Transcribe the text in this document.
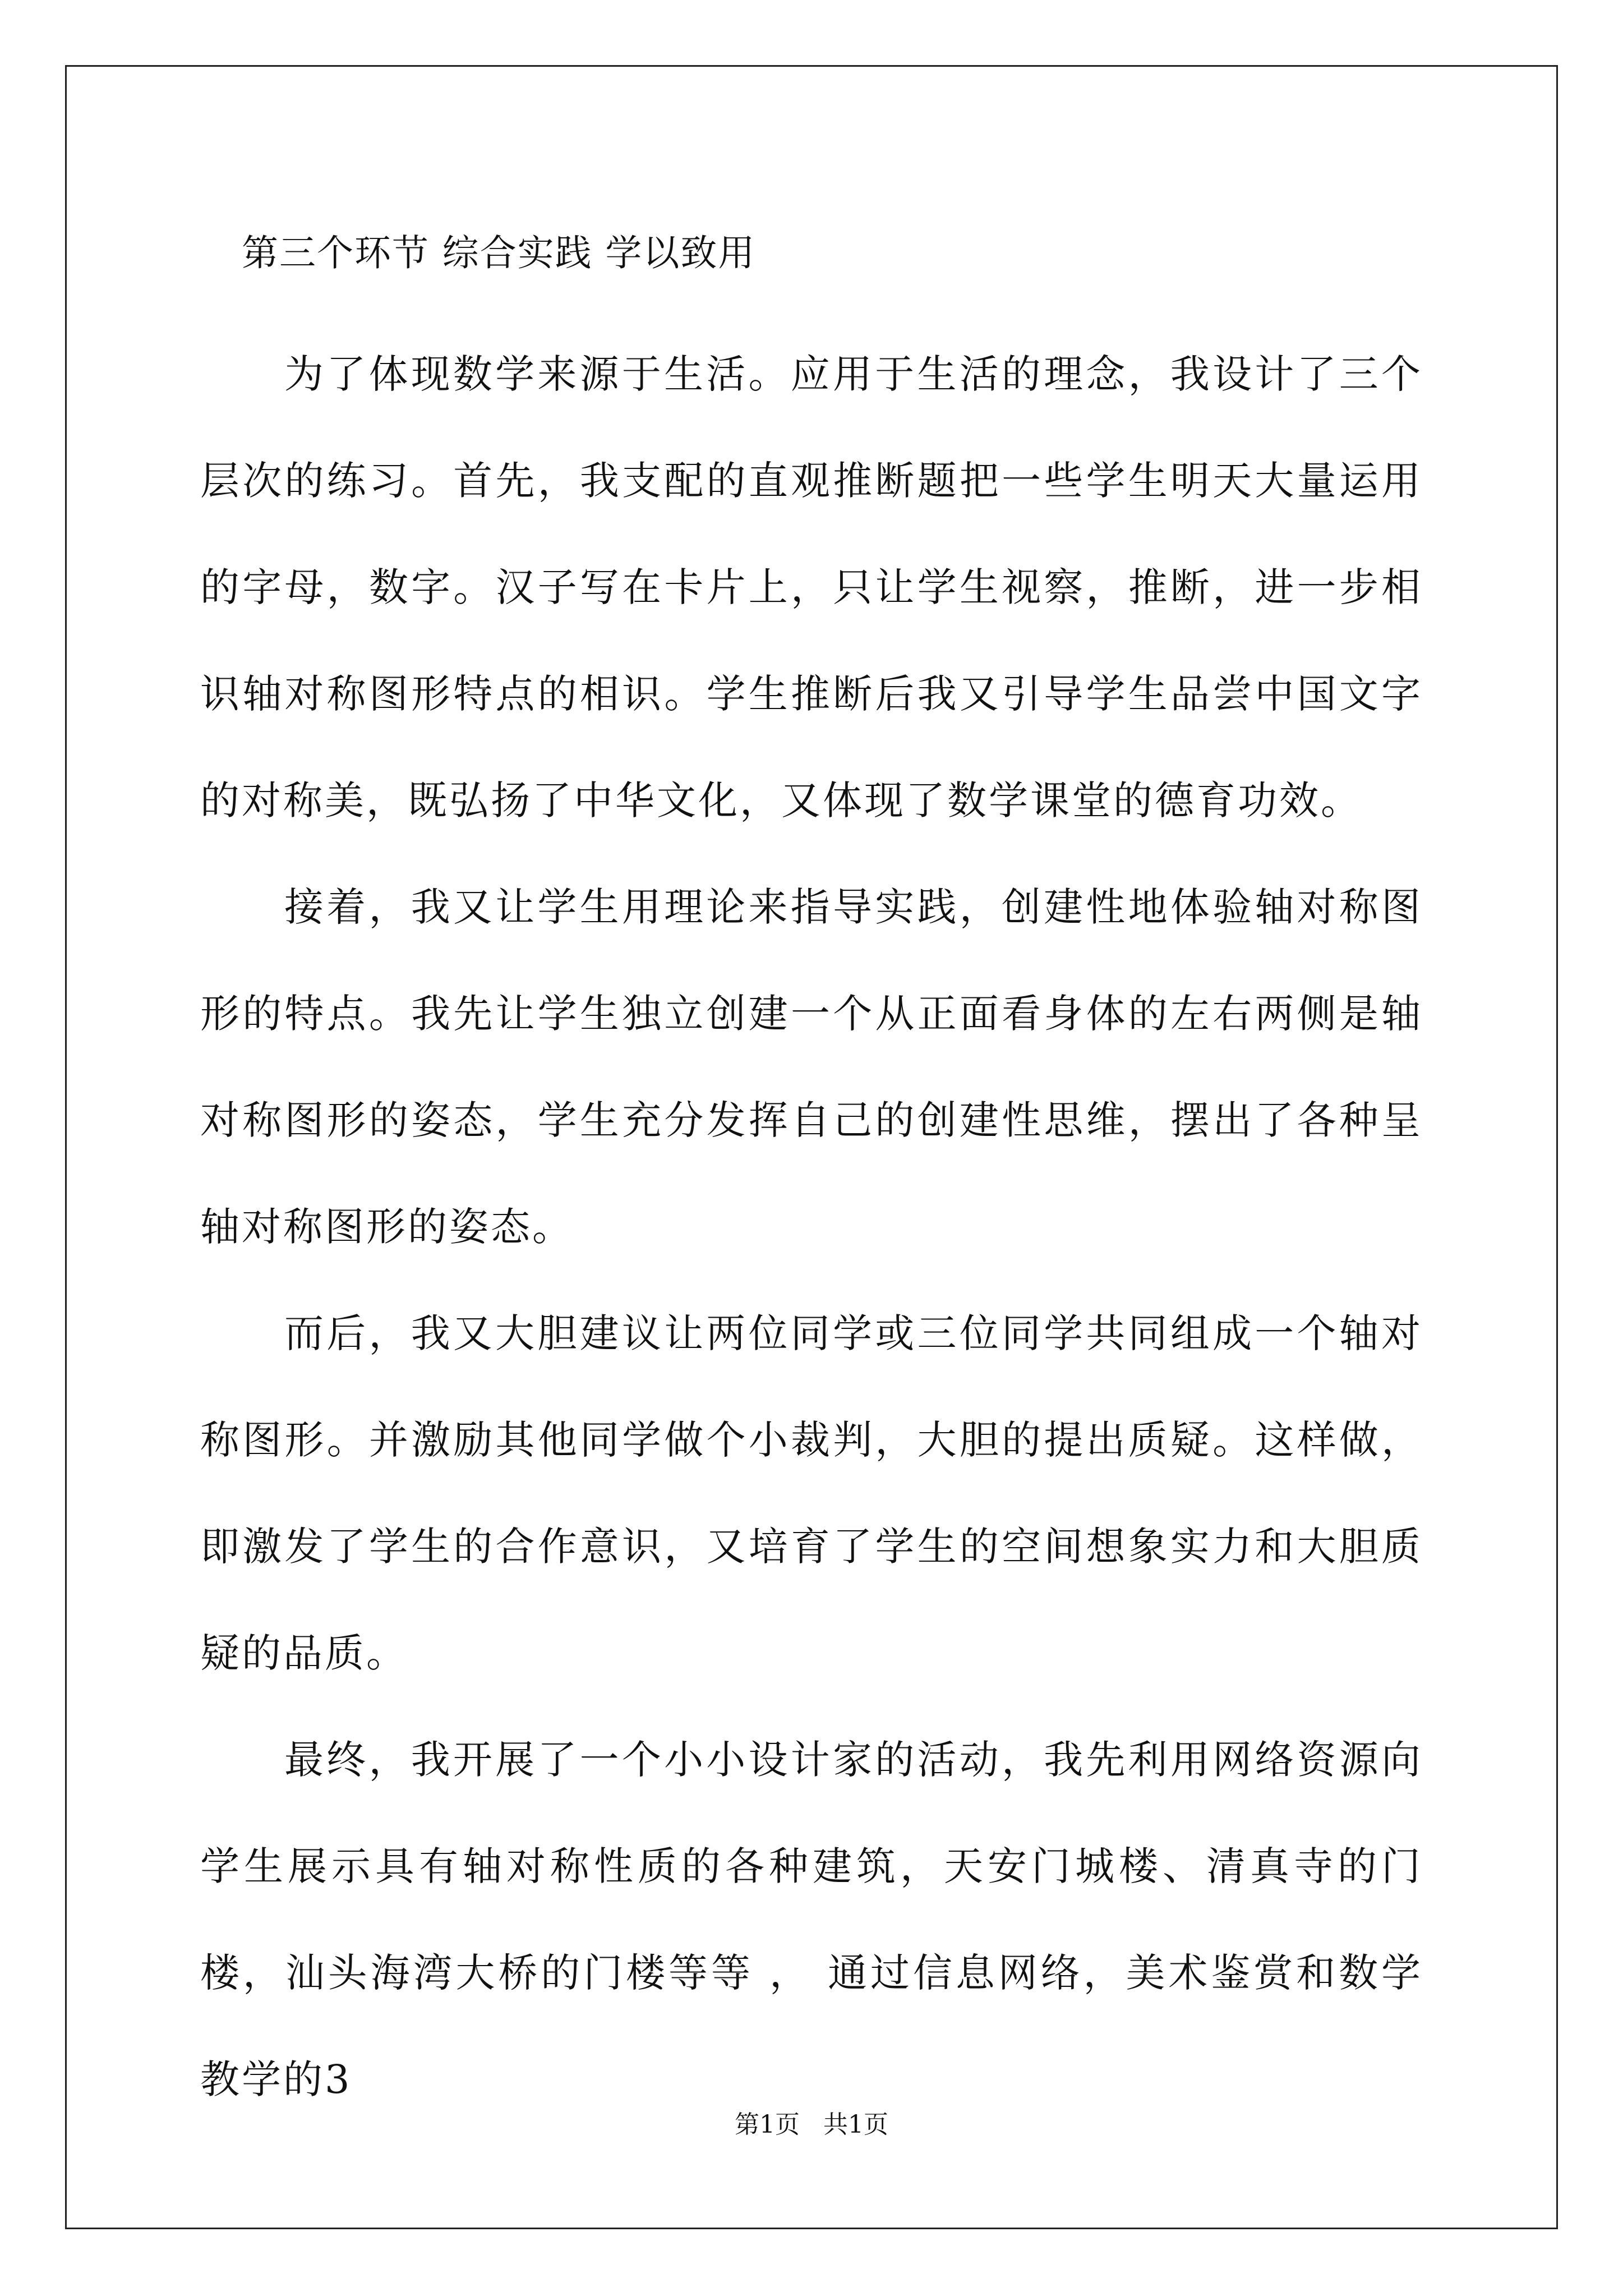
第三个环节 综合实践 学以致用

为了体现数学来源于生活。应用于生活的理念，我设计了三个层次的练习。首先，我支配的直观推断题把一些学生明天大量运用的字母，数字。汉子写在卡片上，只让学生视察，推断，进一步相识轴对称图形特点的相识。学生推断后我又引导学生品尝中国文字的对称美，既弘扬了中华文化，又体现了数学课堂的德育功效。

接着，我又让学生用理论来指导实践，创建性地体验轴对称图形的特点。我先让学生独立创建一个从正面看身体的左右两侧是轴对称图形的姿态，学生充分发挥自己的创建性思维，摆出了各种呈轴对称图形的姿态。

而后，我又大胆建议让两位同学或三位同学共同组成一个轴对称图形。并激励其他同学做个小裁判，大胆的提出质疑。这样做，即激发了学生的合作意识，又培育了学生的空间想象实力和大胆质疑的品质。

最终，我开展了一个小小设计家的活动，我先利用网络资源向学生展示具有轴对称性质的各种建筑，天安门城楼、清真寺的门楼，汕头海湾大桥的门楼等等 ， 通过信息网络，美术鉴赏和数学教学的3

第1页   共1页
